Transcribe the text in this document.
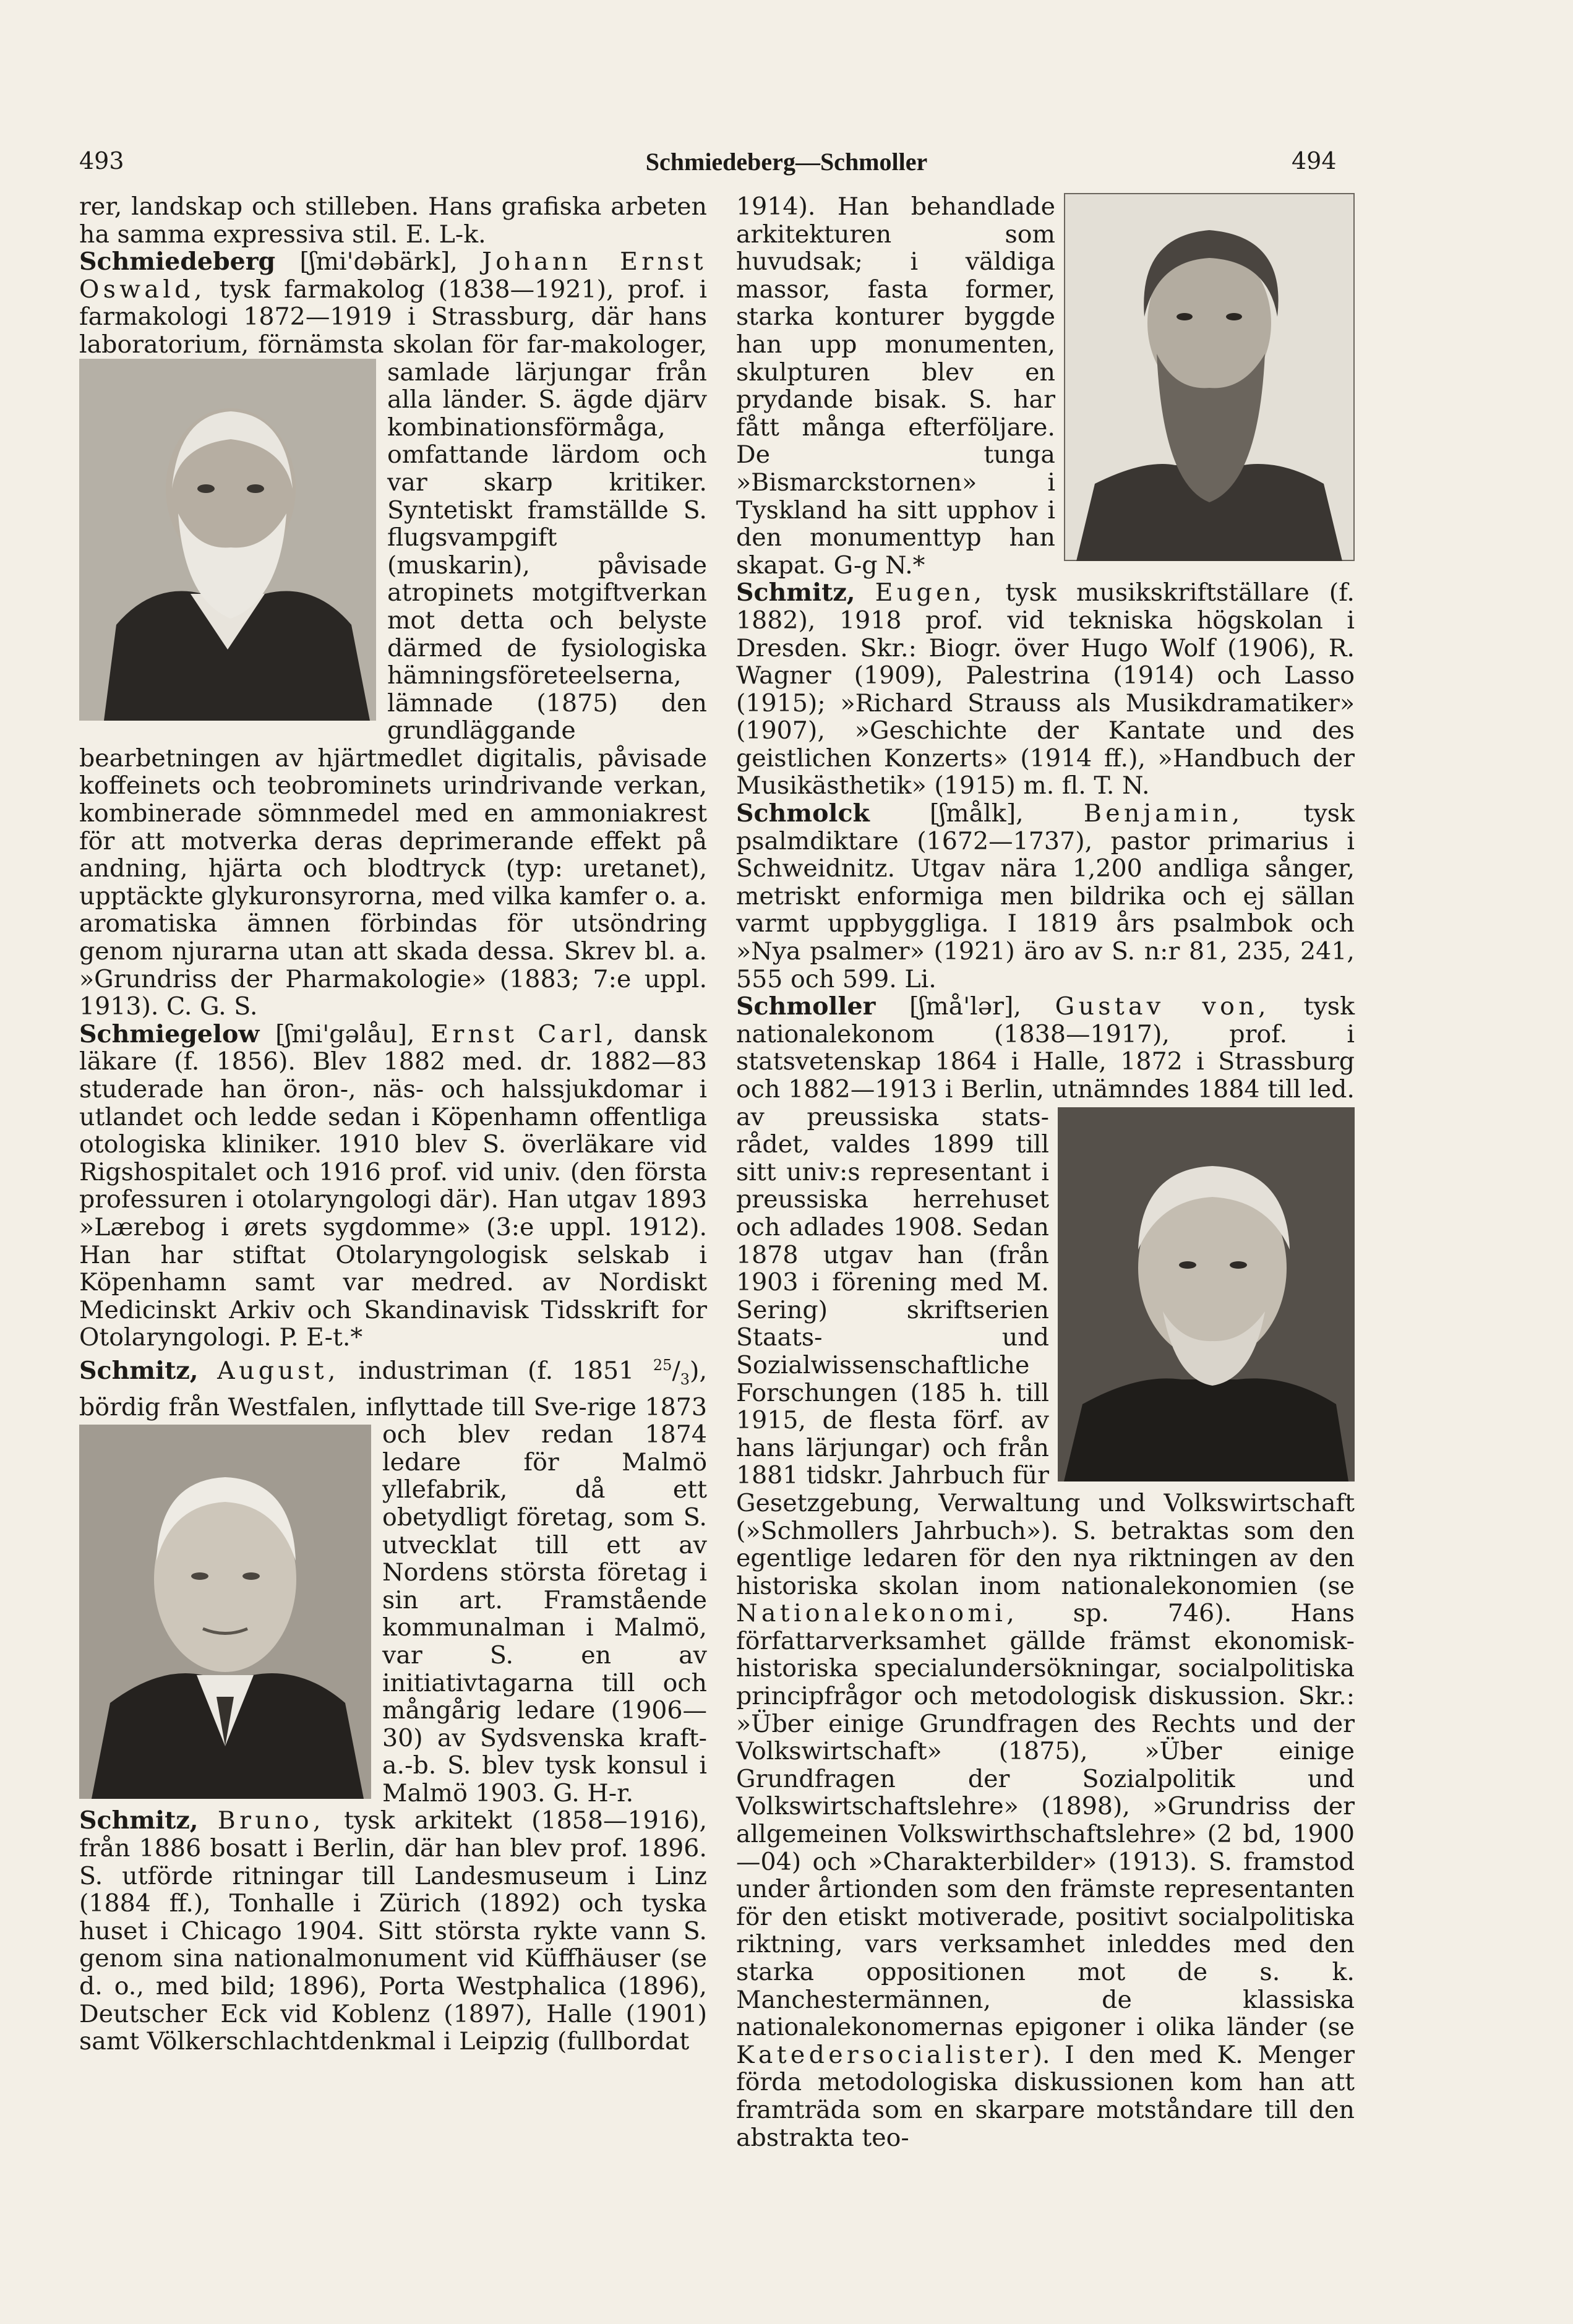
493	Schmiedeberg—Schmoller	494

rer, landskap och stilleben. Hans grafiska arbeten ha samma expressiva stil. E. L-k.

Schmiedeberg [ʃmi'dəbärk], Johann Ernst Oswald, tysk farmakolog (1838—1921), prof. i farmakologi 1872—1919 i Strassburg, där hans laboratorium, förnämsta skolan för far-
makologer, samlade lärjungar från alla länder. S. ägde djärv kombinationsförmåga, omfattande lärdom och var skarp kritiker. Syntetiskt framställde S. flugsvampgift (muskarin), påvisade atropinets motgiftverkan mot detta och belyste därmed de fysiologiska hämningsföreteelserna, lämnade (1875) den grundläggande bearbetningen av hjärtmedlet digitalis, påvisade koffeinets och teobrominets urindrivande verkan, kombinerade sömnmedel med en ammoniakrest för att motverka deras deprimerande effekt på andning, hjärta och blodtryck (typ: uretanet), upptäckte glykuronsyrorna, med vilka kamfer o. a. aromatiska ämnen förbindas för utsöndring genom njurarna utan att skada dessa. Skrev bl. a. »Grundriss der Pharmakologie» (1883; 7:e uppl. 1913). C. G. S.

Schmiegelow [ʃmi'gəlåu], Ernst Carl, dansk läkare (f. 1856). Blev 1882 med. dr. 1882—83 studerade han öron-, näs- och halssjukdomar i utlandet och ledde sedan i Köpenhamn offentliga otologiska kliniker. 1910 blev S. överläkare vid Rigshospitalet och 1916 prof. vid univ. (den första professuren i otolaryngologi där). Han utgav 1893 »Lærebog i ørets sygdomme» (3:e uppl. 1912). Han har stiftat Otolaryngologisk selskab i Köpenhamn samt var medred. av Nordiskt Medicinskt Arkiv och Skandinavisk Tidsskrift for Otolaryngologi. P. E-t.*

Schmitz, August, industriman (f. 1851 $^{25}/_3$), bördig från Westfalen, inflyttade till Sve-
rige 1873 och blev redan 1874 ledare för Malmö yllefabrik, då ett obetydligt företag, som S. utvecklat till ett av Nordens största företag i sin art. Framstående kommunalman i Malmö, var S. en av initiativtagarna till och mångårig ledare (1906—30) av Sydsvenska kraft-a.-b. S. blev tysk konsul i Malmö 1903. G. H-r.

Schmitz, Bruno, tysk arkitekt (1858—1916), från 1886 bosatt i Berlin, där han blev prof. 1896. S. utförde ritningar till Landesmuseum i Linz (1884 ff.), Tonhalle i Zürich (1892) och tyska huset i Chicago 1904. Sitt största rykte vann S. genom sina nationalmonument vid Küffhäuser (se d. o., med bild; 1896), Porta Westphalica (1896), Deutscher Eck vid Koblenz (1897), Halle (1901) samt Völkerschlachtdenkmal i Leipzig (fullbordat

1914). Han behandlade arkitekturen som huvudsak; i väldiga massor, fasta former, starka konturer byggde han upp monumenten, skulpturen blev en prydande bisak. S. har fått många efterföljare. De tunga »Bismarckstornen» i Tyskland ha sitt upphov i den monumenttyp han skapat. G-g N.*

Schmitz, Eugen, tysk musikskriftställare (f. 1882), 1918 prof. vid tekniska högskolan i Dresden. Skr.: Biogr. över Hugo Wolf (1906), R. Wagner (1909), Palestrina (1914) och Lasso (1915); »Richard Strauss als Musikdramatiker» (1907), »Geschichte der Kantate und des geistlichen Konzerts» (1914 ff.), »Handbuch der Musikästhetik» (1915) m. fl. T. N.

Schmolck [ʃmålk], Benjamin, tysk psalmdiktare (1672—1737), pastor primarius i Schweidnitz. Utgav nära 1,200 andliga sånger, metriskt enformiga men bildrika och ej sällan varmt uppbyggliga. I 1819 års psalmbok och »Nya psalmer» (1921) äro av S. n:r 81, 235, 241, 555 och 599. Li.

Schmoller [ʃmå'lər], Gustav von, tysk nationalekonom (1838—1917), prof. i statsvetenskap 1864 i Halle, 1872 i Strassburg och 1882—1913 i Berlin, utnämndes 1884 till led. av preussiska stats-
rådet, valdes 1899 till sitt univ:s representant i preussiska herrehuset och adlades 1908. Sedan 1878 utgav han (från 1903 i förening med M. Sering) skriftserien Staats- und Sozialwissenschaftliche Forschungen (185 h. till 1915, de flesta förf. av hans lärjungar) och från 1881 tidskr. Jahrbuch für Gesetzgebung, Verwaltung und Volkswirtschaft (»Schmollers Jahrbuch»). S. betraktas som den egentlige ledaren för den nya riktningen av den historiska skolan inom nationalekonomien (se Nationalekonomi, sp. 746). Hans författarverksamhet gällde främst ekonomisk-historiska specialundersökningar, socialpolitiska principfrågor och metodologisk diskussion. Skr.: »Über einige Grundfragen des Rechts und der Volkswirtschaft» (1875), »Über einige Grundfragen der Sozialpolitik und Volkswirtschaftslehre» (1898), »Grundriss der allgemeinen Volkswirthschaftslehre» (2 bd, 1900—04) och »Charakterbilder» (1913). S. framstod under årtionden som den främste representanten för den etiskt motiverade, positivt socialpolitiska riktning, vars verksamhet inleddes med den starka oppositionen mot de s. k. Manchestermännen, de klassiska nationalekonomernas epigoner i olika länder (se Katedersocialister). I den med K. Menger förda metodologiska diskussionen kom han att framträda som en skarpare motståndare till den abstrakta teo-
